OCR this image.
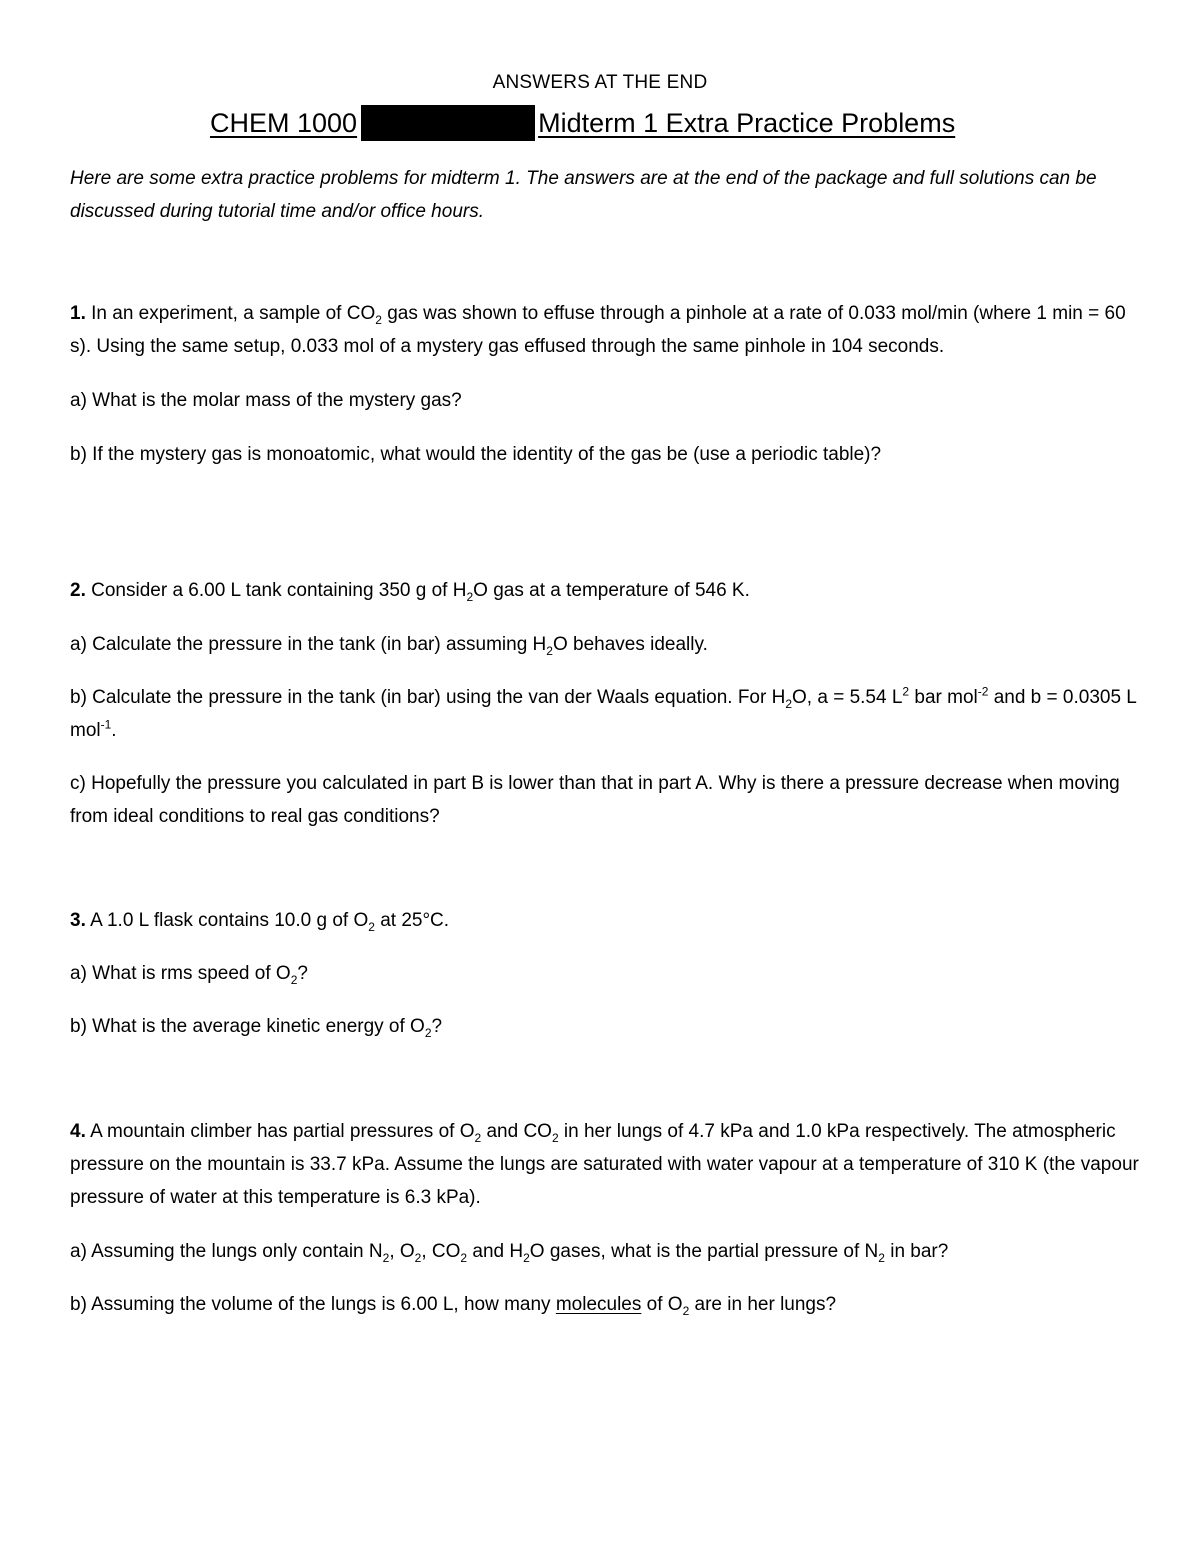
ANSWERS AT THE END
CHEM 1000	Midterm 1 Extra Practice Problems
Here are some extra practice problems for midterm 1. The answers are at the end of the package and full solutions can be discussed during tutorial time and/or office hours.

1. In an experiment, a sample of $CO_2$ gas was shown to effuse through a pinhole at a rate of 0.033 mol/min (where 1 min = 60 s). Using the same setup, 0.033 mol of a mystery gas effused through the same pinhole in 104 seconds.

a) What is the molar mass of the mystery gas?

b) If the mystery gas is monoatomic, what would the identity of the gas be (use a periodic table)?

2. Consider a 6.00 L tank containing 350 g of $H_2O$ gas at a temperature of 546 K.

a) Calculate the pressure in the tank (in bar) assuming $H_2O$ behaves ideally.

b) Calculate the pressure in the tank (in bar) using the van der Waals equation. For $H_2O$, a = 5.54 $L^2$ bar mol$^{-2}$ and b = 0.0305 L mol$^{-1}$.

c) Hopefully the pressure you calculated in part B is lower than that in part A. Why is there a pressure decrease when moving from ideal conditions to real gas conditions?

3. A 1.0 L flask contains 10.0 g of $O_2$ at 25°C.

a) What is rms speed of $O_2$?

b) What is the average kinetic energy of $O_2$?

4. A mountain climber has partial pressures of $O_2$ and $CO_2$ in her lungs of 4.7 kPa and 1.0 kPa respectively. The atmospheric pressure on the mountain is 33.7 kPa. Assume the lungs are saturated with water vapour at a temperature of 310 K (the vapour pressure of water at this temperature is 6.3 kPa).

a) Assuming the lungs only contain $N_2$, $O_2$, $CO_2$ and $H_2O$ gases, what is the partial pressure of $N_2$ in bar?

b) Assuming the volume of the lungs is 6.00 L, how many molecules of $O_2$ are in her lungs?
